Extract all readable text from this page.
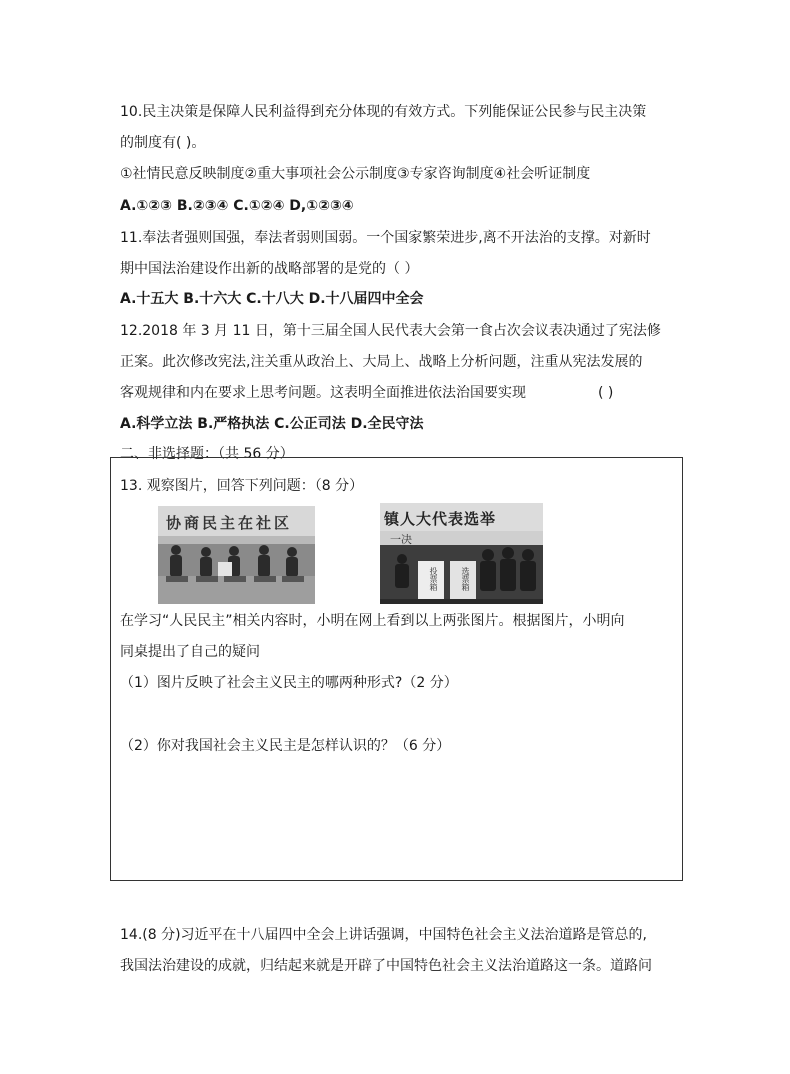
10.民主决策是保障人民利益得到充分体现的有效方式。下列能保证公民参与民主决策
的制度有( )。
①社情民意反映制度②重大事项社会公示制度③专家咨询制度④社会听证制度
A.①②③ B.②③④ C.①②④ D,①②③④
11.奉法者强则国强，奉法者弱则国弱。一个国家繁荣进步,离不开法治的支撑。对新时
期中国法治建设作出新的战略部署的是党的（ ）
A.十五大 B.十六大 C.十八大 D.十八届四中全会
12.2018 年 3 月 11 日，第十三届全国人民代表大会第一食占次会议表决通过了宪法修
正案。此次修改宪法,注关重从政治上、大局上、战略上分析问题，注重从宪法发展的
客观规律和内在要求上思考问题。这表明全面推进依法治国要实现	( )
A.科学立法 B.严格执法 C.公正司法 D.全民守法
二、非选择题：（共 56 分）
13. 观察图片，回答下列问题：（8 分）
协商民主在社区	镇人大代表选举
一决
投票箱	选票箱
在学习“人民民主”相关内容时，小明在网上看到以上两张图片。根据图片，小明向
同桌提出了自己的疑问
（1）图片反映了社会主义民主的哪两种形式?（2 分）
（2）你对我国社会主义民主是怎样认识的？（6 分）
14.(8 分)习近平在十八届四中全会上讲话强调，中国特色社会主义法治道路是管总的,
我国法治建设的成就，归结起来就是开辟了中国特色社会主义法治道路这一条。道路问
